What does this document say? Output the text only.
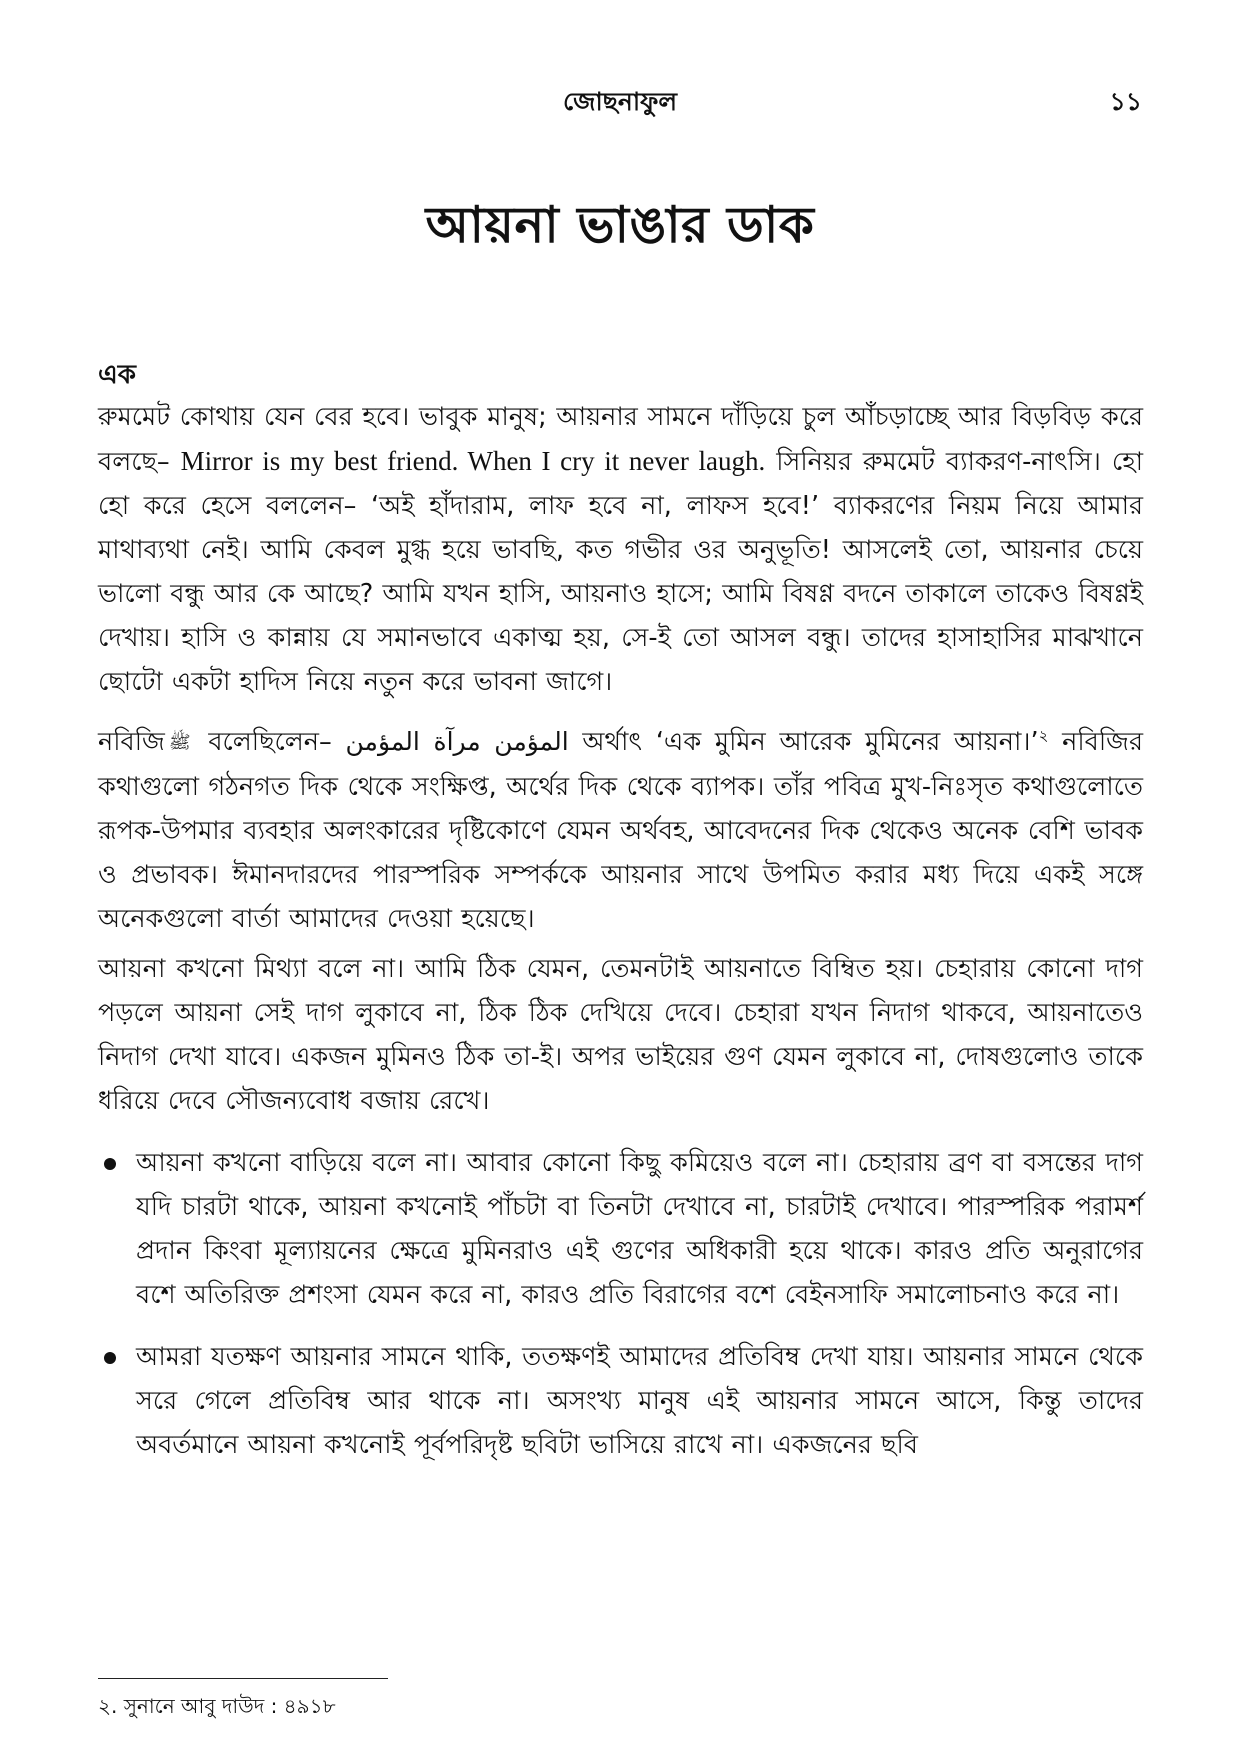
জোছনাফুল	১১
আয়না ভাঙার ডাক
এক

রুমমেট কোথায় যেন বের হবে। ভাবুক মানুষ; আয়নার সামনে দাঁড়িয়ে চুল আঁচড়াচ্ছে আর বিড়বিড় করে বলছে– Mirror is my best friend. When I cry it never laugh. সিনিয়র রুমমেট ব্যাকরণ-নাৎসি। হো হো করে হেসে বললেন– ‘অই হাঁদারাম, লাফ হবে না, লাফস হবে!’ ব্যাকরণের নিয়ম নিয়ে আমার মাথাব্যথা নেই। আমি কেবল মুগ্ধ হয়ে ভাবছি, কত গভীর ওর অনুভূতি! আসলেই তো, আয়নার চেয়ে ভালো বন্ধু আর কে আছে? আমি যখন হাসি, আয়নাও হাসে; আমি বিষণ্ণ বদনে তাকালে তাকেও বিষণ্ণই দেখায়। হাসি ও কান্নায় যে সমানভাবে একাত্ম হয়, সে-ই তো আসল বন্ধু। তাদের হাসাহাসির মাঝখানে ছোটো একটা হাদিস নিয়ে নতুন করে ভাবনা জাগে।

নবিজি ﷺ বলেছিলেন– المؤمن مرآة المؤمن অর্থাৎ ‘এক মুমিন আরেক মুমিনের আয়না।’$^২$ নবিজির কথাগুলো গঠনগত দিক থেকে সংক্ষিপ্ত, অর্থের দিক থেকে ব্যাপক। তাঁর পবিত্র মুখ-নিঃসৃত কথাগুলোতে রূপক-উপমার ব্যবহার অলংকারের দৃষ্টিকোণে যেমন অর্থবহ, আবেদনের দিক থেকেও অনেক বেশি ভাবক ও প্রভাবক। ঈমানদারদের পারস্পরিক সম্পর্ককে আয়নার সাথে উপমিত করার মধ্য দিয়ে একই সঙ্গে অনেকগুলো বার্তা আমাদের দেওয়া হয়েছে।

আয়না কখনো মিথ্যা বলে না। আমি ঠিক যেমন, তেমনটাই আয়নাতে বিম্বিত হয়। চেহারায় কোনো দাগ পড়লে আয়না সেই দাগ লুকাবে না, ঠিক ঠিক দেখিয়ে দেবে। চেহারা যখন নিদাগ থাকবে, আয়নাতেও নিদাগ দেখা যাবে। একজন মুমিনও ঠিক তা-ই। অপর ভাইয়ের গুণ যেমন লুকাবে না, দোষগুলোও তাকে ধরিয়ে দেবে সৌজন্যবোধ বজায় রেখে।

আয়না কখনো বাড়িয়ে বলে না। আবার কোনো কিছু কমিয়েও বলে না। চেহারায় ব্রণ বা বসন্তের দাগ যদি চারটা থাকে, আয়না কখনোই পাঁচটা বা তিনটা দেখাবে না, চারটাই দেখাবে। পারস্পরিক পরামর্শ প্রদান কিংবা মূল্যায়নের ক্ষেত্রে মুমিনরাও এই গুণের অধিকারী হয়ে থাকে। কারও প্রতি অনুরাগের বশে অতিরিক্ত প্রশংসা যেমন করে না, কারও প্রতি বিরাগের বশে বেইনসাফি সমালোচনাও করে না।

আমরা যতক্ষণ আয়নার সামনে থাকি, ততক্ষণই আমাদের প্রতিবিম্ব দেখা যায়। আয়নার সামনে থেকে সরে গেলে প্রতিবিম্ব আর থাকে না। অসংখ্য মানুষ এই আয়নার সামনে আসে, কিন্তু তাদের অবর্তমানে আয়না কখনোই পূর্বপরিদৃষ্ট ছবিটা ভাসিয়ে রাখে না। একজনের ছবি

২. সুনানে আবু দাউদ : ৪৯১৮
